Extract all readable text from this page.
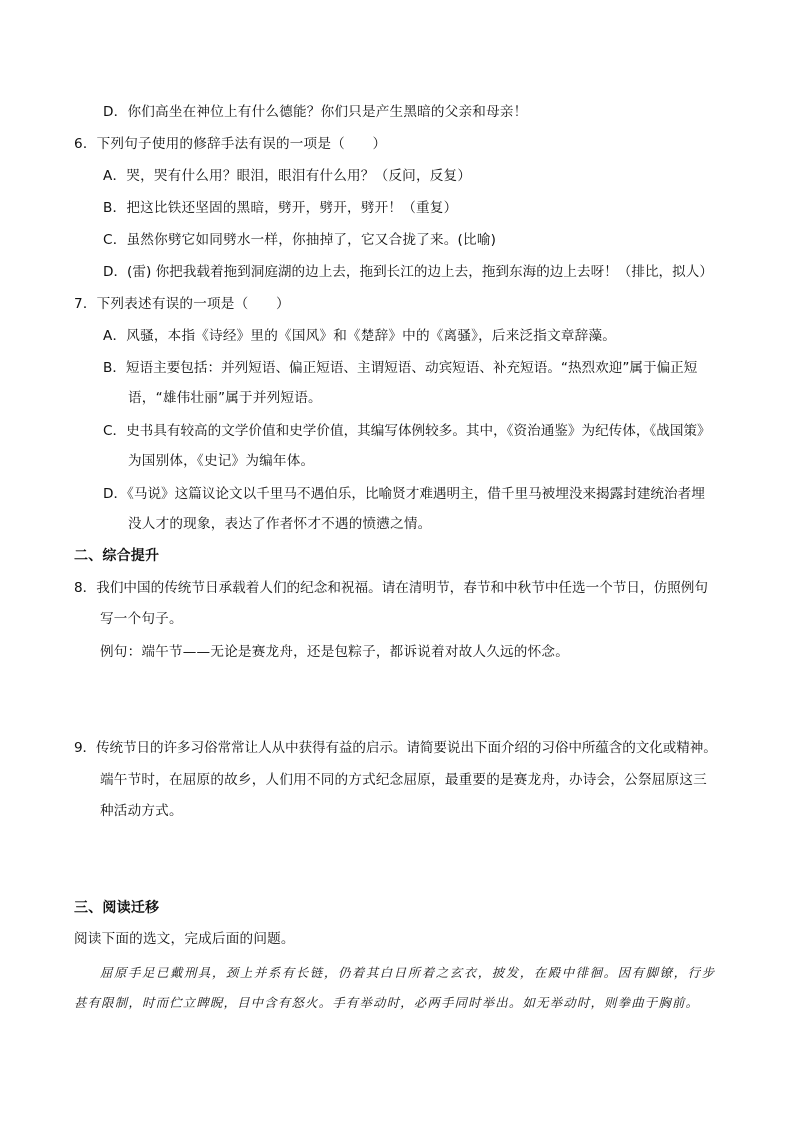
D．你们高坐在神位上有什么德能？你们只是产生黑暗的父亲和母亲！
6．下列句子使用的修辞手法有误的一项是（　　）
A．哭，哭有什么用？眼泪，眼泪有什么用？（反问，反复）
B．把这比铁还坚固的黑暗，劈开，劈开，劈开！（重复）
C．虽然你劈它如同劈水一样，你抽掉了，它又合拢了来。(比喻)
D．(雷) 你把我载着拖到洞庭湖的边上去，拖到长江的边上去，拖到东海的边上去呀！（排比，拟人）
7．下列表述有误的一项是（　　）
A．风骚，本指《诗经》里的《国风》和《楚辞》中的《离骚》，后来泛指文章辞藻。
B．短语主要包括：并列短语、偏正短语、主谓短语、动宾短语、补充短语。“热烈欢迎”属于偏正短
语，“雄伟壮丽”属于并列短语。
C．史书具有较高的文学价值和史学价值，其编写体例较多。其中，《资治通鉴》为纪传体，《战国策》
为国别体，《史记》为编年体。
D．《马说》这篇议论文以千里马不遇伯乐，比喻贤才难遇明主，借千里马被埋没来揭露封建统治者埋
没人才的现象，表达了作者怀才不遇的愤懑之情。
二、综合提升
8．我们中国的传统节日承载着人们的纪念和祝福。请在清明节，春节和中秋节中任选一个节日，仿照例句
写一个句子。
例句：端午节——无论是赛龙舟，还是包粽子，都诉说着对故人久远的怀念。
9．传统节日的许多习俗常常让人从中获得有益的启示。请简要说出下面介绍的习俗中所蕴含的文化或精神。
端午节时，在屈原的故乡，人们用不同的方式纪念屈原，最重要的是赛龙舟，办诗会，公祭屈原这三
种活动方式。
三、阅读迁移
阅读下面的选文，完成后面的问题。
屈原手足已戴刑具，颈上并系有长链，仍着其白日所着之玄衣，披发，在殿中徘徊。因有脚镣，行步
甚有限制，时而伫立睥睨，目中含有怒火。手有举动时，必两手同时举出。如无举动时，则拳曲于胸前。
